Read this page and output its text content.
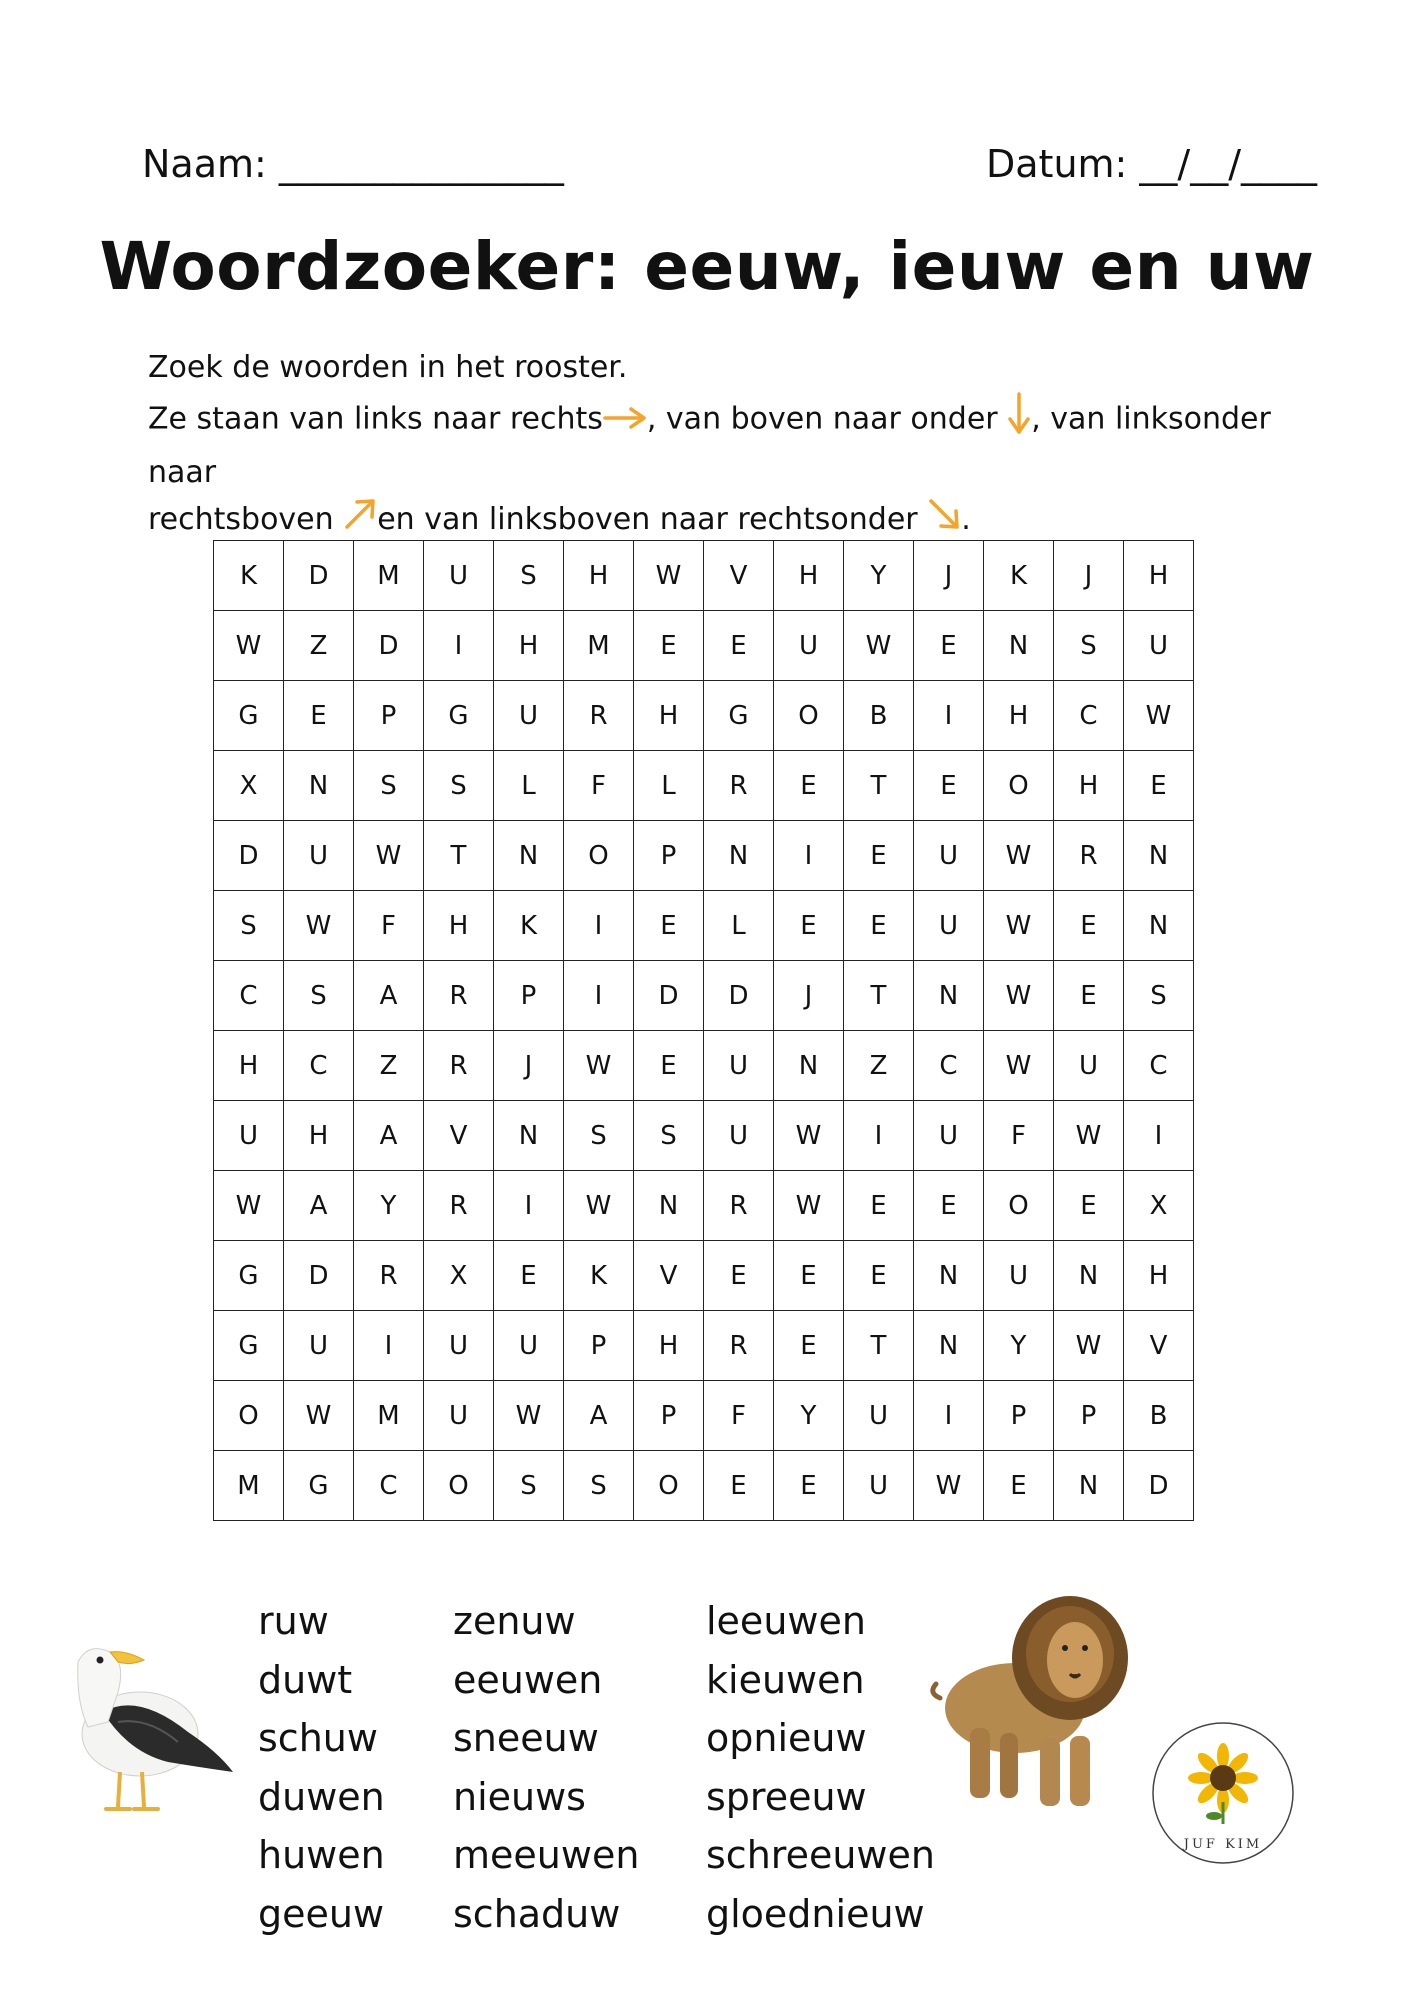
Naam: _______________	Datum: __/__/____
Woordzoeker: eeuw, ieuw en uw
Zoek de woorden in het rooster.
Ze staan van links naar rechts , van boven naar onder , van linksonder naar
rechtsboven en van linksboven naar rechtsonder .
K	D	M	U	S	H	W	V	H	Y	J	K	J	H
W	Z	D	I	H	M	E	E	U	W	E	N	S	U
G	E	P	G	U	R	H	G	O	B	I	H	C	W
X	N	S	S	L	F	L	R	E	T	E	O	H	E
D	U	W	T	N	O	P	N	I	E	U	W	R	N
S	W	F	H	K	I	E	L	E	E	U	W	E	N
C	S	A	R	P	I	D	D	J	T	N	W	E	S
H	C	Z	R	J	W	E	U	N	Z	C	W	U	C
U	H	A	V	N	S	S	U	W	I	U	F	W	I
W	A	Y	R	I	W	N	R	W	E	E	O	E	X
G	D	R	X	E	K	V	E	E	E	N	U	N	H
G	U	I	U	U	P	H	R	E	T	N	Y	W	V
O	W	M	U	W	A	P	F	Y	U	I	P	P	B
M	G	C	O	S	S	O	E	E	U	W	E	N	D
ruw
duwt
schuw
duwen
huwen
geeuw
zenuw
eeuwen
sneeuw
nieuws
meeuwen
schaduw
leeuwen
kieuwen
opnieuw
spreeuw
schreeuwen
gloednieuw
JUF KIM
